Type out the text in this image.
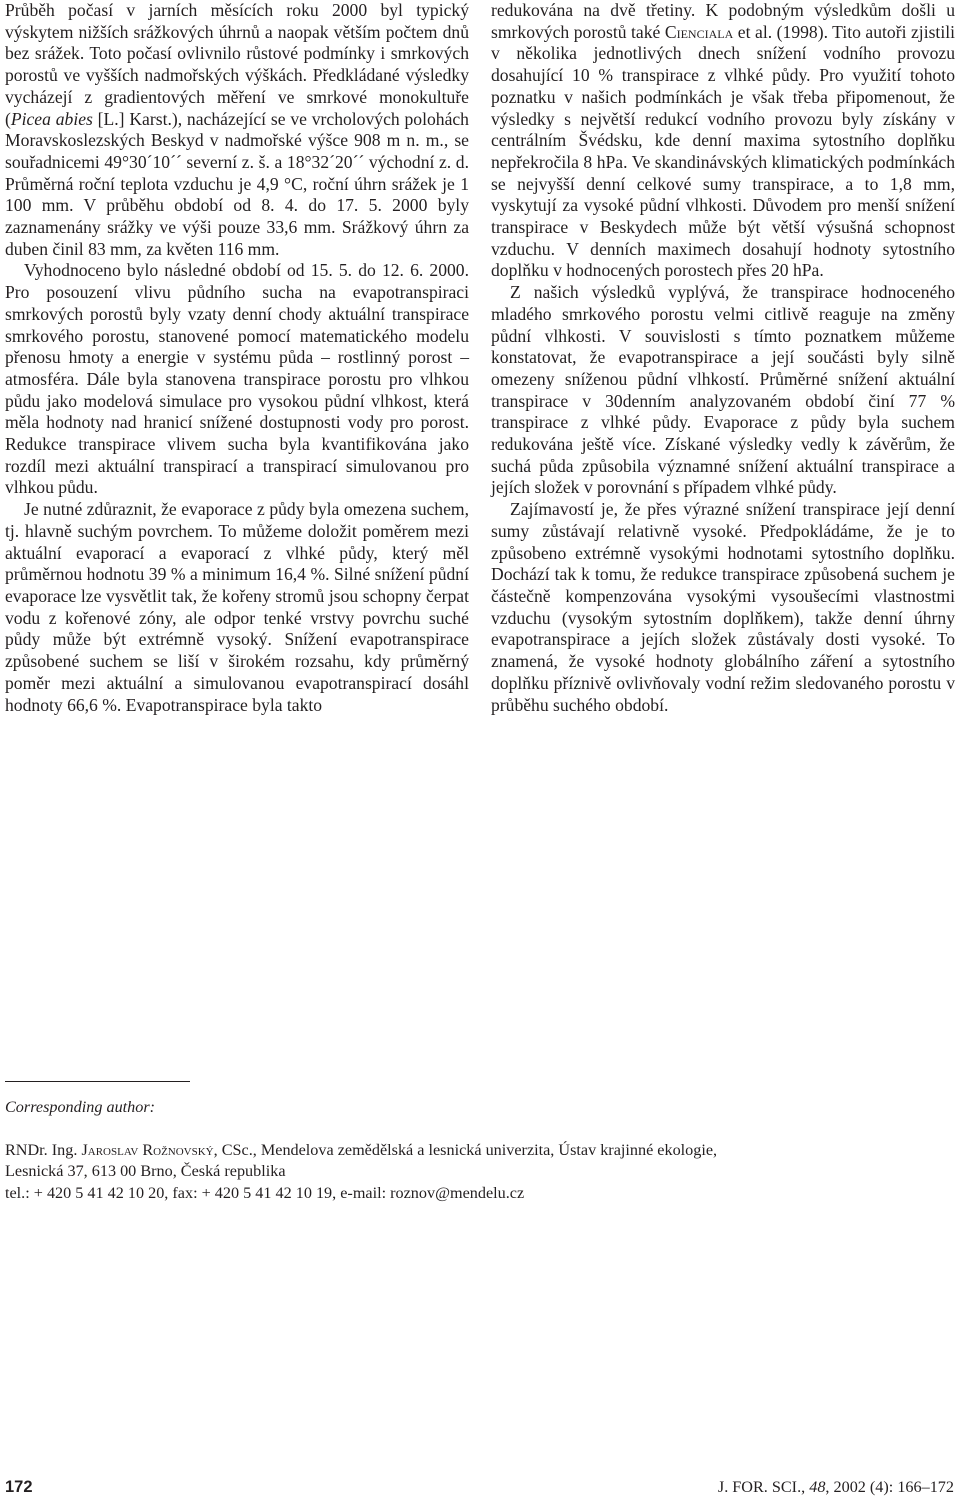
Průběh počasí v jarních měsících roku 2000 byl typický výskytem nižších srážkových úhrnů a naopak větším počtem dnů bez srážek. Toto počasí ovlivnilo růstové podmínky i smrkových porostů ve vyšších nadmořských výškách. Předkládané výsledky vycházejí z gradientových měření ve smrkové monokultuře (Picea abies [L.] Karst.), nacházející se ve vrcholových polohách Moravskoslezských Beskyd v nadmořské výšce 908 m n. m., se souřadnicemi 49°30´10´´ severní z. š. a 18°32´20´´ východní z. d. Průměrná roční teplota vzduchu je 4,9 °C, roční úhrn srážek je 1 100 mm. V průběhu období od 8. 4. do 17. 5. 2000 byly zaznamenány srážky ve výši pouze 33,6 mm. Srážkový úhrn za duben činil 83 mm, za květen 116 mm.

Vyhodnoceno bylo následné období od 15. 5. do 12. 6. 2000. Pro posouzení vlivu půdního sucha na evapotranspiraci smrkových porostů byly vzaty denní chody aktuální transpirace smrkového porostu, stanovené pomocí matematického modelu přenosu hmoty a energie v systému půda – rostlinný porost – atmosféra. Dále byla stanovena transpirace porostu pro vlhkou půdu jako modelová simulace pro vysokou půdní vlhkost, která měla hodnoty nad hranicí snížené dostupnosti vody pro porost. Redukce transpirace vlivem sucha byla kvantifikována jako rozdíl mezi aktuální transpirací a transpirací simulovanou pro vlhkou půdu.

Je nutné zdůraznit, že evaporace z půdy byla omezena suchem, tj. hlavně suchým povrchem. To můžeme doložit poměrem mezi aktuální evaporací a evaporací z vlhké půdy, který měl průměrnou hodnotu 39 % a minimum 16,4 %. Silné snížení půdní evaporace lze vysvětlit tak, že kořeny stromů jsou schopny čerpat vodu z kořenové zóny, ale odpor tenké vrstvy povrchu suché půdy může být extrémně vysoký. Snížení evapotranspirace způsobené suchem se liší v širokém rozsahu, kdy průměrný poměr mezi aktuální a simulovanou evapotranspirací dosáhl hodnoty 66,6 %. Evapotranspirace byla takto

redukována na dvě třetiny. K podobným výsledkům došli u smrkových porostů také Cienciala et al. (1998). Tito autoři zjistili v několika jednotlivých dnech snížení vodního provozu dosahující 10 % transpirace z vlhké půdy. Pro využití tohoto poznatku v našich podmínkách je však třeba připomenout, že výsledky s největší redukcí vodního provozu byly získány v centrálním Švédsku, kde denní maxima sytostního doplňku nepřekročila 8 hPa. Ve skandinávských klimatických podmínkách se nejvyšší denní celkové sumy transpirace, a to 1,8 mm, vyskytují za vysoké půdní vlhkosti. Důvodem pro menší snížení transpirace v Beskydech může být větší výsušná schopnost vzduchu. V denních maximech dosahují hodnoty sytostního doplňku v hodnocených porostech přes 20 hPa.

Z našich výsledků vyplývá, že transpirace hodnoceného mladého smrkového porostu velmi citlivě reaguje na změny půdní vlhkosti. V souvislosti s tímto poznatkem můžeme konstatovat, že evapotranspirace a její součásti byly silně omezeny sníženou půdní vlhkostí. Průměrné snížení aktuální transpirace v 30denním analyzovaném období činí 77 % transpirace z vlhké půdy. Evaporace z půdy byla suchem redukována ještě více. Získané výsledky vedly k závěrům, že suchá půda způsobila významné snížení aktuální transpirace a jejích složek v porovnání s případem vlhké půdy.

Zajímavostí je, že přes výrazné snížení transpirace její denní sumy zůstávají relativně vysoké. Předpokládáme, že je to způsobeno extrémně vysokými hodnotami sytostního doplňku. Dochází tak k tomu, že redukce transpirace způsobená suchem je částečně kompenzována vysokými vysoušecími vlastnostmi vzduchu (vysokým sytostním doplňkem), takže denní úhrny evapotranspirace a jejích složek zůstávaly dosti vysoké. To znamená, že vysoké hodnoty globálního záření a sytostního doplňku příznivě ovlivňovaly vodní režim sledovaného porostu v průběhu suchého období.

Corresponding author:
RNDr. Ing. Jaroslav Rožnovský, CSc., Mendelova zemědělská a lesnická univerzita, Ústav krajinné ekologie,
Lesnická 37, 613 00 Brno, Česká republika
tel.: + 420 5 41 42 10 20, fax: + 420 5 41 42 10 19, e-mail: roznov@mendelu.cz
172	J. FOR. SCI., 48, 2002 (4): 166–172
